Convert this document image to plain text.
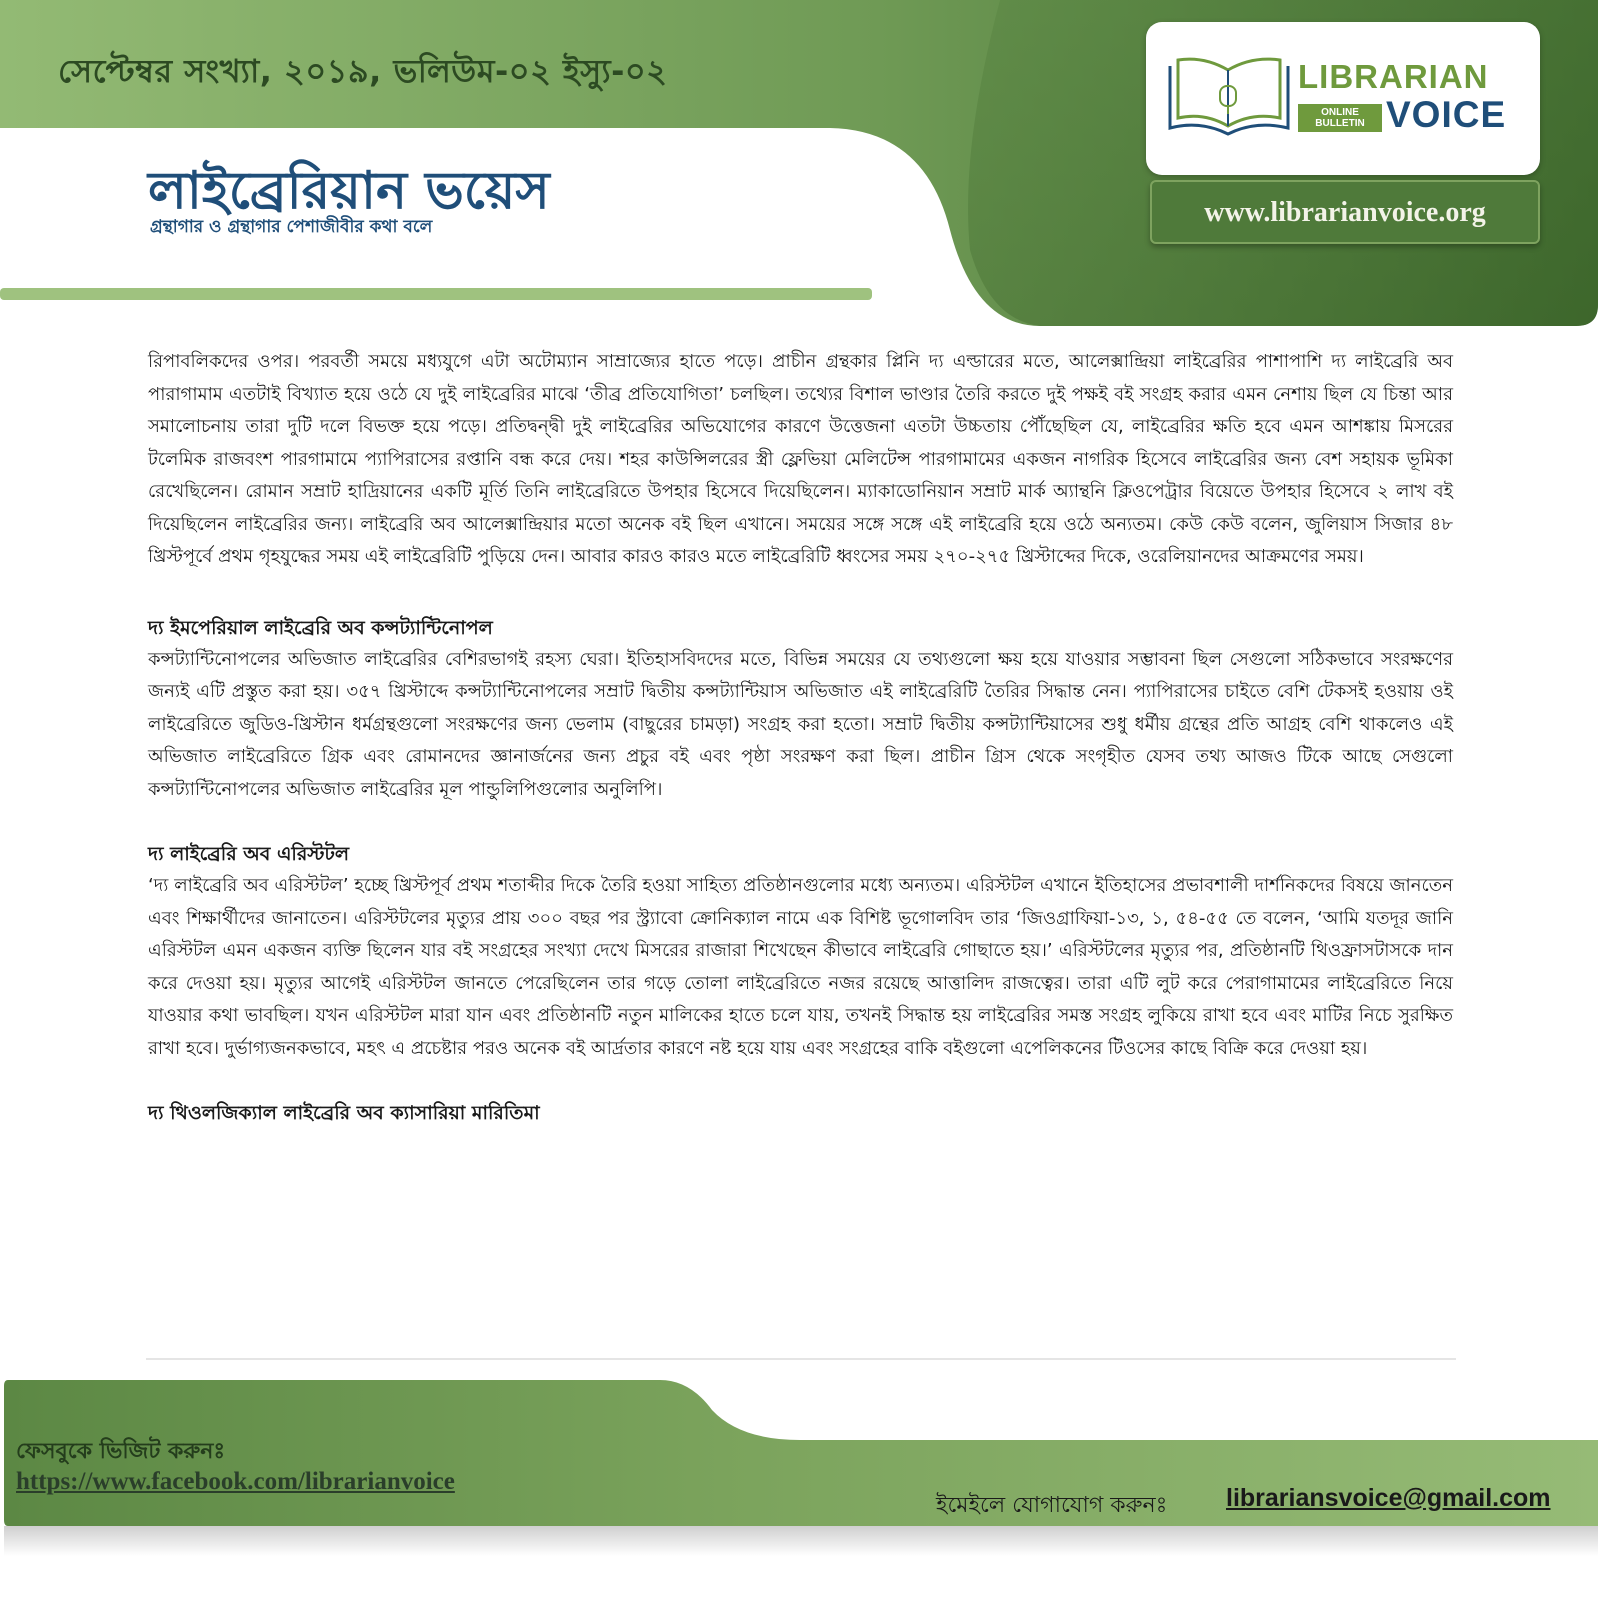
সেপ্টেম্বর সংখ্যা, ২০১৯, ভলিউম-০২ ইস্যু-০২
লাইব্রেরিয়ান ভয়েস
গ্রন্থাগার ও গ্রন্থাগার পেশাজীবীর কথা বলে
LIBRARIAN
ONLINE BULLETIN VOICE
www.librarianvoice.org

রিপাবলিকদের ওপর। পরবর্তী সময়ে মধ্যযুগে এটা অটোম্যান সাম্রাজ্যের হাতে পড়ে। প্রাচীন গ্রন্থকার প্লিনি দ্য এল্ডারের মতে, আলেক্সান্দ্রিয়া লাইব্রেরির পাশাপাশি দ্য লাইব্রেরি অব পারাগামাম এতটাই বিখ্যাত হয়ে ওঠে যে দুই লাইব্রেরির মাঝে ‘তীব্র প্রতিযোগিতা’ চলছিল। তথ্যের বিশাল ভাণ্ডার তৈরি করতে দুই পক্ষই বই সংগ্রহ করার এমন নেশায় ছিল যে চিন্তা আর সমালোচনায় তারা দুটি দলে বিভক্ত হয়ে পড়ে। প্রতিদ্বন্দ্বী দুই লাইব্রেরির অভিযোগের কারণে উত্তেজনা এতটা উচ্চতায় পৌঁছেছিল যে, লাইব্রেরির ক্ষতি হবে এমন আশঙ্কায় মিসরের টলেমিক রাজবংশ পারগামামে প্যাপিরাসের রপ্তানি বন্ধ করে দেয়। শহর কাউন্সিলরের স্ত্রী ফ্লেভিয়া মেলিটেন্স পারগামামের একজন নাগরিক হিসেবে লাইব্রেরির জন্য বেশ সহায়ক ভূমিকা রেখেছিলেন। রোমান সম্রাট হাদ্রিয়ানের একটি মূর্তি তিনি লাইব্রেরিতে উপহার হিসেবে দিয়েছিলেন। ম্যাকাডোনিয়ান সম্রাট মার্ক অ্যান্থনি ক্লিওপেট্রার বিয়েতে উপহার হিসেবে ২ লাখ বই দিয়েছিলেন লাইব্রেরির জন্য। লাইব্রেরি অব আলেক্সান্দ্রিয়ার মতো অনেক বই ছিল এখানে। সময়ের সঙ্গে সঙ্গে এই লাইব্রেরি হয়ে ওঠে অন্যতম। কেউ কেউ বলেন, জুলিয়াস সিজার ৪৮ খ্রিস্টপূর্বে প্রথম গৃহযুদ্ধের সময় এই লাইব্রেরিটি পুড়িয়ে দেন। আবার কারও কারও মতে লাইব্রেরিটি ধ্বংসের সময় ২৭০-২৭৫ খ্রিস্টাব্দের দিকে, ওরেলিয়ানদের আক্রমণের সময়।

দ্য ইমপেরিয়াল লাইব্রেরি অব কন্সট্যান্টিনোপল

কন্সট্যান্টিনোপলের অভিজাত লাইব্রেরির বেশিরভাগই রহস্য ঘেরা। ইতিহাসবিদদের মতে, বিভিন্ন সময়ের যে তথ্যগুলো ক্ষয় হয়ে যাওয়ার সম্ভাবনা ছিল সেগুলো সঠিকভাবে সংরক্ষণের জন্যই এটি প্রস্তুত করা হয়। ৩৫৭ খ্রিস্টাব্দে কন্সট্যান্টিনোপলের সম্রাট দ্বিতীয় কন্সট্যান্টিয়াস অভিজাত এই লাইব্রেরিটি তৈরির সিদ্ধান্ত নেন। প্যাপিরাসের চাইতে বেশি টেকসই হওয়ায় ওই লাইব্রেরিতে জুডিও-খ্রিস্টান ধর্মগ্রন্থগুলো সংরক্ষণের জন্য ভেলাম (বাছুরের চামড়া) সংগ্রহ করা হতো। সম্রাট দ্বিতীয় কন্সট্যান্টিয়াসের শুধু ধর্মীয় গ্রন্থের প্রতি আগ্রহ বেশি থাকলেও এই অভিজাত লাইব্রেরিতে গ্রিক এবং রোমানদের জ্ঞানার্জনের জন্য প্রচুর বই এবং পৃষ্ঠা সংরক্ষণ করা ছিল। প্রাচীন গ্রিস থেকে সংগৃহীত যেসব তথ্য আজও টিকে আছে সেগুলো কন্সট্যান্টিনোপলের অভিজাত লাইব্রেরির মূল পান্ডুলিপিগুলোর অনুলিপি।

দ্য লাইব্রেরি অব এরিস্টটল

‘দ্য লাইব্রেরি অব এরিস্টটল’ হচ্ছে খ্রিস্টপূর্ব প্রথম শতাব্দীর দিকে তৈরি হওয়া সাহিত্য প্রতিষ্ঠানগুলোর মধ্যে অন্যতম। এরিস্টটল এখানে ইতিহাসের প্রভাবশালী দার্শনিকদের বিষয়ে জানতেন এবং শিক্ষার্থীদের জানাতেন। এরিস্টটলের মৃত্যুর প্রায় ৩০০ বছর পর স্ট্র্যাবো ক্রোনিক্যাল নামে এক বিশিষ্ট ভূগোলবিদ তার ‘জিওগ্রাফিয়া-১৩, ১, ৫৪-৫৫ তে বলেন, ‘আমি যতদূর জানি এরিস্টটল এমন একজন ব্যক্তি ছিলেন যার বই সংগ্রহের সংখ্যা দেখে মিসরের রাজারা শিখেছেন কীভাবে লাইব্রেরি গোছাতে হয়।’ এরিস্টটলের মৃত্যুর পর, প্রতিষ্ঠানটি থিওফ্রাসটাসকে দান করে দেওয়া হয়। মৃত্যুর আগেই এরিস্টটল জানতে পেরেছিলেন তার গড়ে তোলা লাইব্রেরিতে নজর রয়েছে আত্তালিদ রাজত্বের। তারা এটি লুট করে পেরাগামামের লাইব্রেরিতে নিয়ে যাওয়ার কথা ভাবছিল। যখন এরিস্টটল মারা যান এবং প্রতিষ্ঠানটি নতুন মালিকের হাতে চলে যায়, তখনই সিদ্ধান্ত হয় লাইব্রেরির সমস্ত সংগ্রহ লুকিয়ে রাখা হবে এবং মাটির নিচে সুরক্ষিত রাখা হবে। দুর্ভাগ্যজনকভাবে, মহৎ এ প্রচেষ্টার পরও অনেক বই আর্দ্রতার কারণে নষ্ট হয়ে যায় এবং সংগ্রহের বাকি বইগুলো এপেলিকনের টিওসের কাছে বিক্রি করে দেওয়া হয়।

দ্য থিওলজিক্যাল লাইব্রেরি অব ক্যাসারিয়া মারিতিমা
ফেসবুকে ভিজিট করুনঃ
https://www.facebook.com/librarianvoice
ইমেইলে যোগাযোগ করুনঃ librariansvoice@gmail.com
